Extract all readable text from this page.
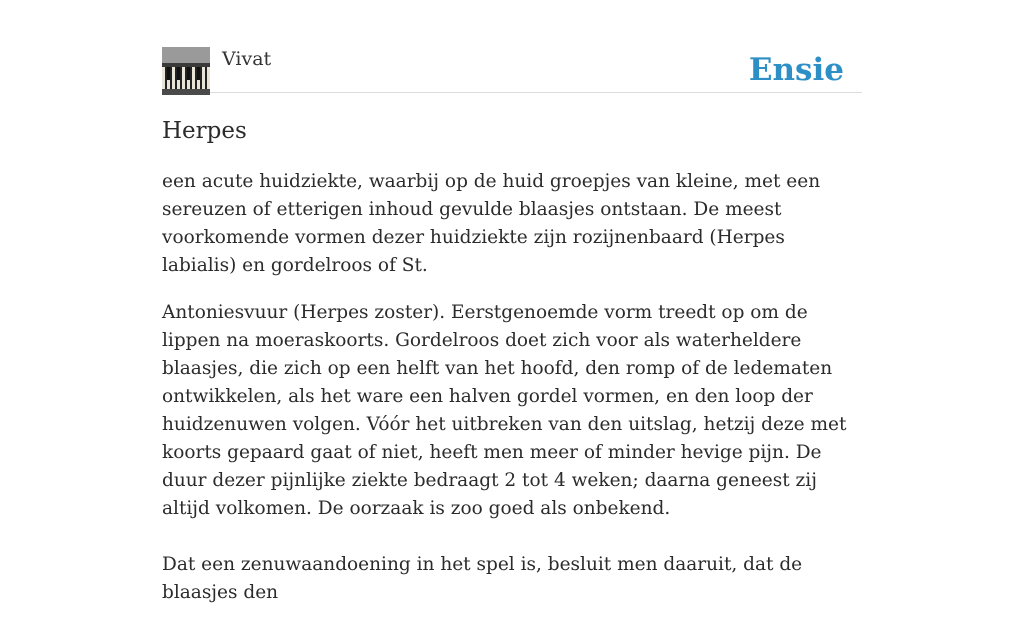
Vivat	Ensie
Herpes

een acute huidziekte, waarbij op de huid groepjes van kleine, met een sereuzen of etterigen inhoud gevulde blaasjes ontstaan. De meest voorkomende vormen dezer huidziekte zijn rozijnenbaard (Herpes labialis) en gordelroos of St.

Antoniesvuur (Herpes zoster). Eerstgenoemde vorm treedt op om de lippen na moeraskoorts. Gordelroos doet zich voor als waterheldere blaasjes, die zich op een helft van het hoofd, den romp of de ledematen ontwikkelen, als het ware een halven gordel vormen, en den loop der huidzenuwen volgen. Vóór het uitbreken van den uitslag, hetzij deze met koorts gepaard gaat of niet, heeft men meer of minder hevige pijn. De duur dezer pijnlijke ziekte bedraagt 2 tot 4 weken; daarna geneest zij altijd volkomen. De oorzaak is zoo goed als onbekend.

Dat een zenuwaandoening in het spel is, besluit men daaruit, dat de blaasjes den
